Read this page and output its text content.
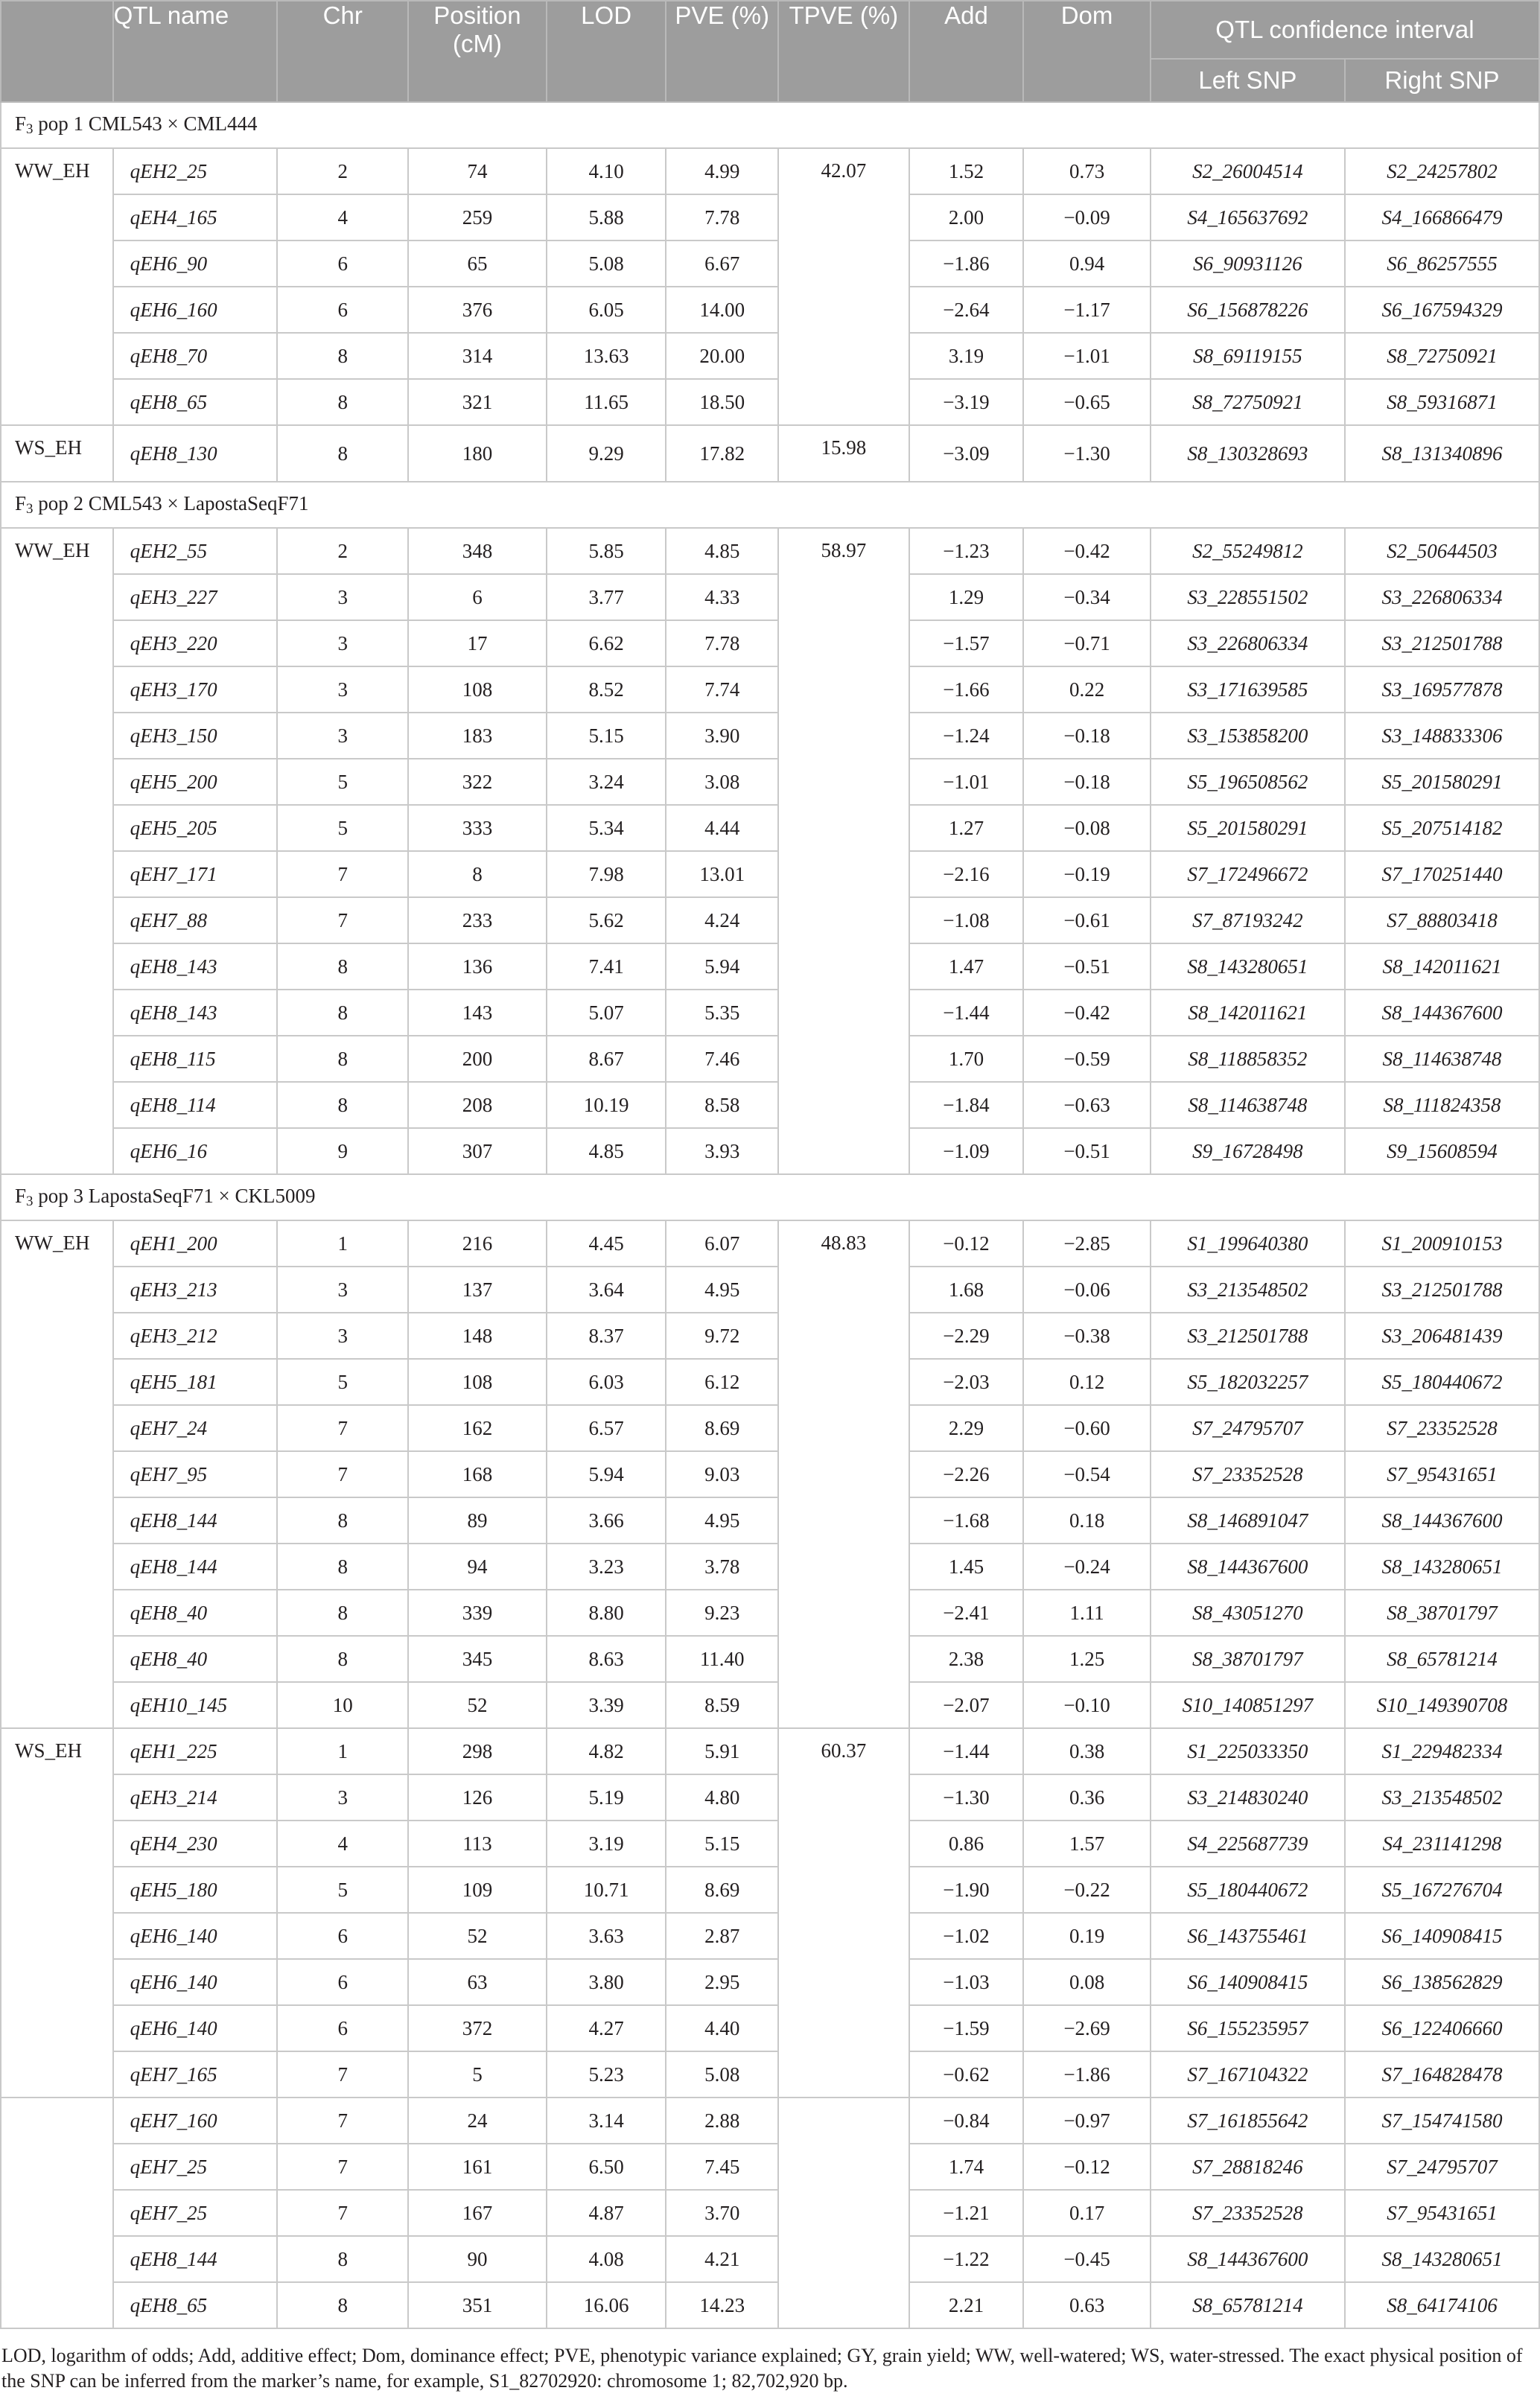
	QTL name	Chr	Position (cM)	LOD	PVE (%)	TPVE (%)	Add	Dom	QTL confidence interval	
									Left SNP	Right SNP
$F_3$ pop 1 CML543 × CML444										
WW_EH	qEH2_25	2	74	4.10	4.99	42.07	1.52	0.73	S2_26004514	S2_24257802
	qEH4_165	4	259	5.88	7.78		2.00	−0.09	S4_165637692	S4_166866479
	qEH6_90	6	65	5.08	6.67		−1.86	0.94	S6_90931126	S6_86257555
	qEH6_160	6	376	6.05	14.00		−2.64	−1.17	S6_156878226	S6_167594329
	qEH8_70	8	314	13.63	20.00		3.19	−1.01	S8_69119155	S8_72750921
	qEH8_65	8	321	11.65	18.50		−3.19	−0.65	S8_72750921	S8_59316871
WS_EH	qEH8_130	8	180	9.29	17.82	15.98	−3.09	−1.30	S8_130328693	S8_131340896
$F_3$ pop 2 CML543 × LapostaSeqF71										
WW_EH	qEH2_55	2	348	5.85	4.85	58.97	−1.23	−0.42	S2_55249812	S2_50644503
	qEH3_227	3	6	3.77	4.33		1.29	−0.34	S3_228551502	S3_226806334
	qEH3_220	3	17	6.62	7.78		−1.57	−0.71	S3_226806334	S3_212501788
	qEH3_170	3	108	8.52	7.74		−1.66	0.22	S3_171639585	S3_169577878
	qEH3_150	3	183	5.15	3.90		−1.24	−0.18	S3_153858200	S3_148833306
	qEH5_200	5	322	3.24	3.08		−1.01	−0.18	S5_196508562	S5_201580291
	qEH5_205	5	333	5.34	4.44		1.27	−0.08	S5_201580291	S5_207514182
	qEH7_171	7	8	7.98	13.01		−2.16	−0.19	S7_172496672	S7_170251440
	qEH7_88	7	233	5.62	4.24		−1.08	−0.61	S7_87193242	S7_88803418
	qEH8_143	8	136	7.41	5.94		1.47	−0.51	S8_143280651	S8_142011621
	qEH8_143	8	143	5.07	5.35		−1.44	−0.42	S8_142011621	S8_144367600
	qEH8_115	8	200	8.67	7.46		1.70	−0.59	S8_118858352	S8_114638748
	qEH8_114	8	208	10.19	8.58		−1.84	−0.63	S8_114638748	S8_111824358
	qEH6_16	9	307	4.85	3.93		−1.09	−0.51	S9_16728498	S9_15608594
$F_3$ pop 3 LapostaSeqF71 × CKL5009										
WW_EH	qEH1_200	1	216	4.45	6.07	48.83	−0.12	−2.85	S1_199640380	S1_200910153
	qEH3_213	3	137	3.64	4.95		1.68	−0.06	S3_213548502	S3_212501788
	qEH3_212	3	148	8.37	9.72		−2.29	−0.38	S3_212501788	S3_206481439
	qEH5_181	5	108	6.03	6.12		−2.03	0.12	S5_182032257	S5_180440672
	qEH7_24	7	162	6.57	8.69		2.29	−0.60	S7_24795707	S7_23352528
	qEH7_95	7	168	5.94	9.03		−2.26	−0.54	S7_23352528	S7_95431651
	qEH8_144	8	89	3.66	4.95		−1.68	0.18	S8_146891047	S8_144367600
	qEH8_144	8	94	3.23	3.78		1.45	−0.24	S8_144367600	S8_143280651
	qEH8_40	8	339	8.80	9.23		−2.41	1.11	S8_43051270	S8_38701797
	qEH8_40	8	345	8.63	11.40		2.38	1.25	S8_38701797	S8_65781214
	qEH10_145	10	52	3.39	8.59		−2.07	−0.10	S10_140851297	S10_149390708
WS_EH	qEH1_225	1	298	4.82	5.91	60.37	−1.44	0.38	S1_225033350	S1_229482334
	qEH3_214	3	126	5.19	4.80		−1.30	0.36	S3_214830240	S3_213548502
	qEH4_230	4	113	3.19	5.15		0.86	1.57	S4_225687739	S4_231141298
	qEH5_180	5	109	10.71	8.69		−1.90	−0.22	S5_180440672	S5_167276704
	qEH6_140	6	52	3.63	2.87		−1.02	0.19	S6_143755461	S6_140908415
	qEH6_140	6	63	3.80	2.95		−1.03	0.08	S6_140908415	S6_138562829
	qEH6_140	6	372	4.27	4.40		−1.59	−2.69	S6_155235957	S6_122406660
	qEH7_165	7	5	5.23	5.08		−0.62	−1.86	S7_167104322	S7_164828478
	qEH7_160	7	24	3.14	2.88		−0.84	−0.97	S7_161855642	S7_154741580
	qEH7_25	7	161	6.50	7.45		1.74	−0.12	S7_28818246	S7_24795707
	qEH7_25	7	167	4.87	3.70		−1.21	0.17	S7_23352528	S7_95431651
	qEH8_144	8	90	4.08	4.21		−1.22	−0.45	S8_144367600	S8_143280651
	qEH8_65	8	351	16.06	14.23		2.21	0.63	S8_65781214	S8_64174106
LOD, logarithm of odds; Add, additive effect; Dom, dominance effect; PVE, phenotypic variance explained; GY, grain yield; WW, well-watered; WS, water-stressed. The exact physical position of the SNP can be inferred from the marker’s name, for example, S1_82702920: chromosome 1; 82,702,920 bp.
